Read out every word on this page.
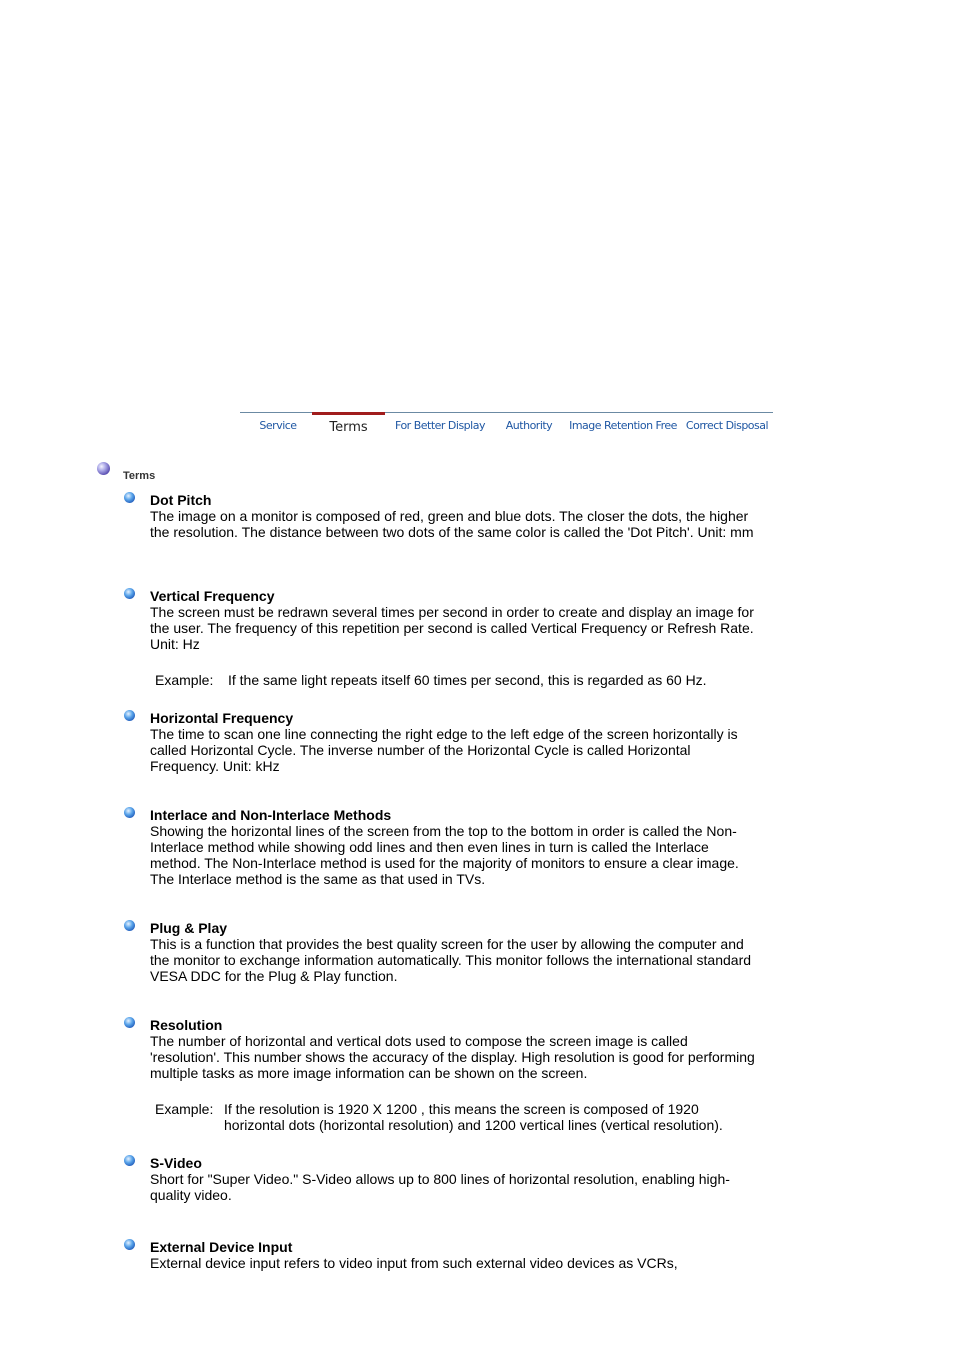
Service	Terms	For Better Display	Authority	Image Retention Free Correct Disposal
Terms
Dot Pitch
The image on a monitor is composed of red, green and blue dots. The closer the dots, the higher the resolution. The distance between two dots of the same color is called the 'Dot Pitch'. Unit: mm
Vertical Frequency
The screen must be redrawn several times per second in order to create and display an image for the user. The frequency of this repetition per second is called Vertical Frequency or Refresh Rate. Unit: Hz
Example:	If the same light repeats itself 60 times per second, this is regarded as 60 Hz.
Horizontal Frequency
The time to scan one line connecting the right edge to the left edge of the screen horizontally is called Horizontal Cycle. The inverse number of the Horizontal Cycle is called Horizontal Frequency. Unit: kHz
Interlace and Non-Interlace Methods
Showing the horizontal lines of the screen from the top to the bottom in order is called the Non-Interlace method while showing odd lines and then even lines in turn is called the Interlace method. The Non-Interlace method is used for the majority of monitors to ensure a clear image. The Interlace method is the same as that used in TVs.
Plug & Play
This is a function that provides the best quality screen for the user by allowing the computer and the monitor to exchange information automatically. This monitor follows the international standard VESA DDC for the Plug & Play function.
Resolution
The number of horizontal and vertical dots used to compose the screen image is called 'resolution'. This number shows the accuracy of the display. High resolution is good for performing multiple tasks as more image information can be shown on the screen.
Example: If the resolution is 1920 X 1200 , this means the screen is composed of 1920 horizontal dots (horizontal resolution) and 1200 vertical lines (vertical resolution).
S-Video
Short for "Super Video." S-Video allows up to 800 lines of horizontal resolution, enabling high-quality video.
External Device Input
External device input refers to video input from such external video devices as VCRs,
